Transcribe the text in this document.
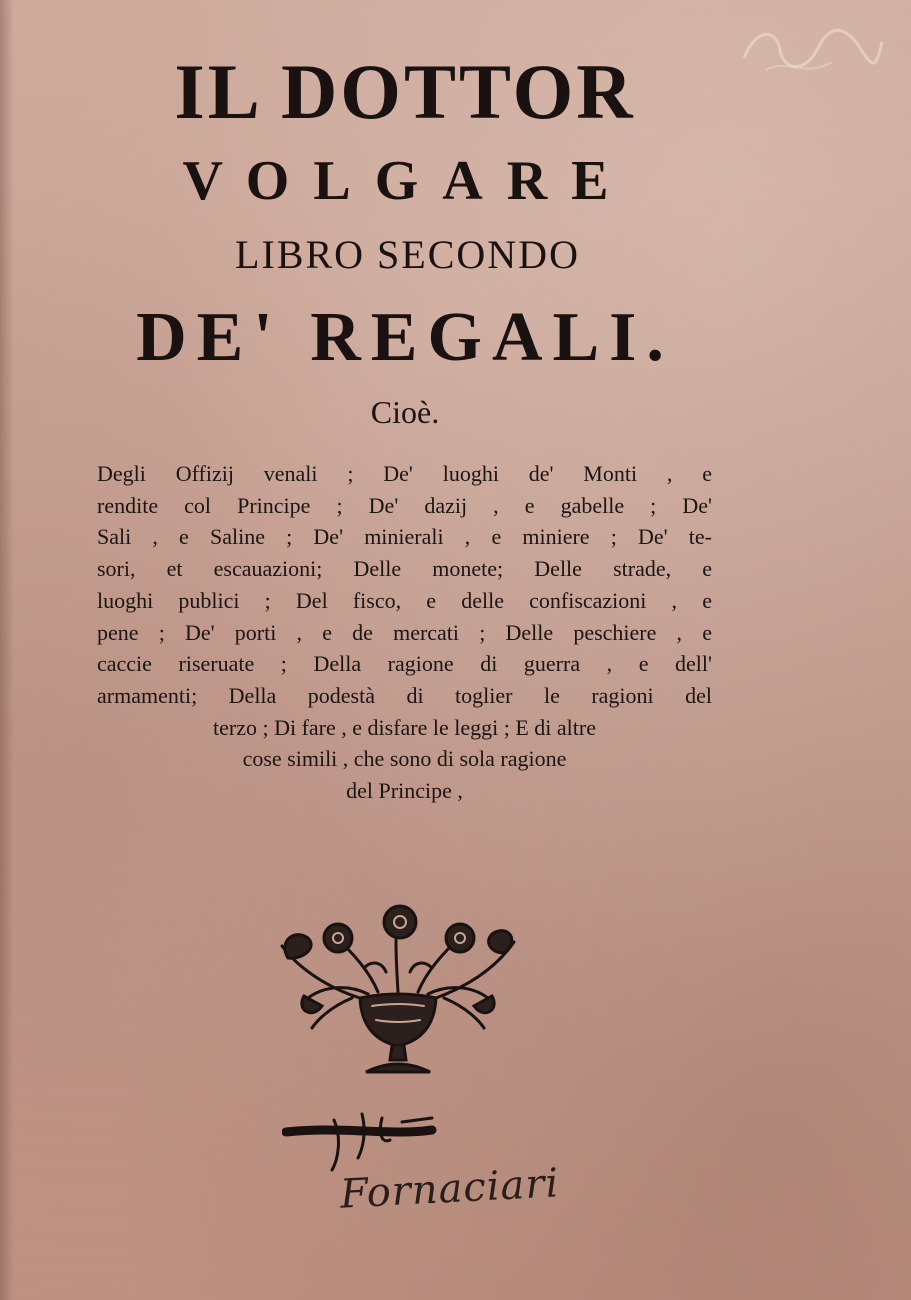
IL DOTTOR
VOLGARE
LIBRO SECONDO
DE' REGALI.
Cioè.

Degli Offizij venali ; De' luoghi de' Monti , e
rendite col Principe ; De' dazij , e gabelle ; De'
Sali , e Saline ; De' minierali , e miniere ; De' te-
sori, et escauazioni; Delle monete; Delle strade, e
luoghi publici ; Del fisco, e delle confiscazioni , e
pene ; De' porti , e de mercati ; Delle peschiere , e
caccie riseruate ; Della ragione di guerra , e dell'
armamenti; Della podestà di toglier le ragioni del
terzo ; Di fare , e disfare le leggi ; E di altre
cose simili , che sono di sola ragione
del Principe ,

Fornaciari
